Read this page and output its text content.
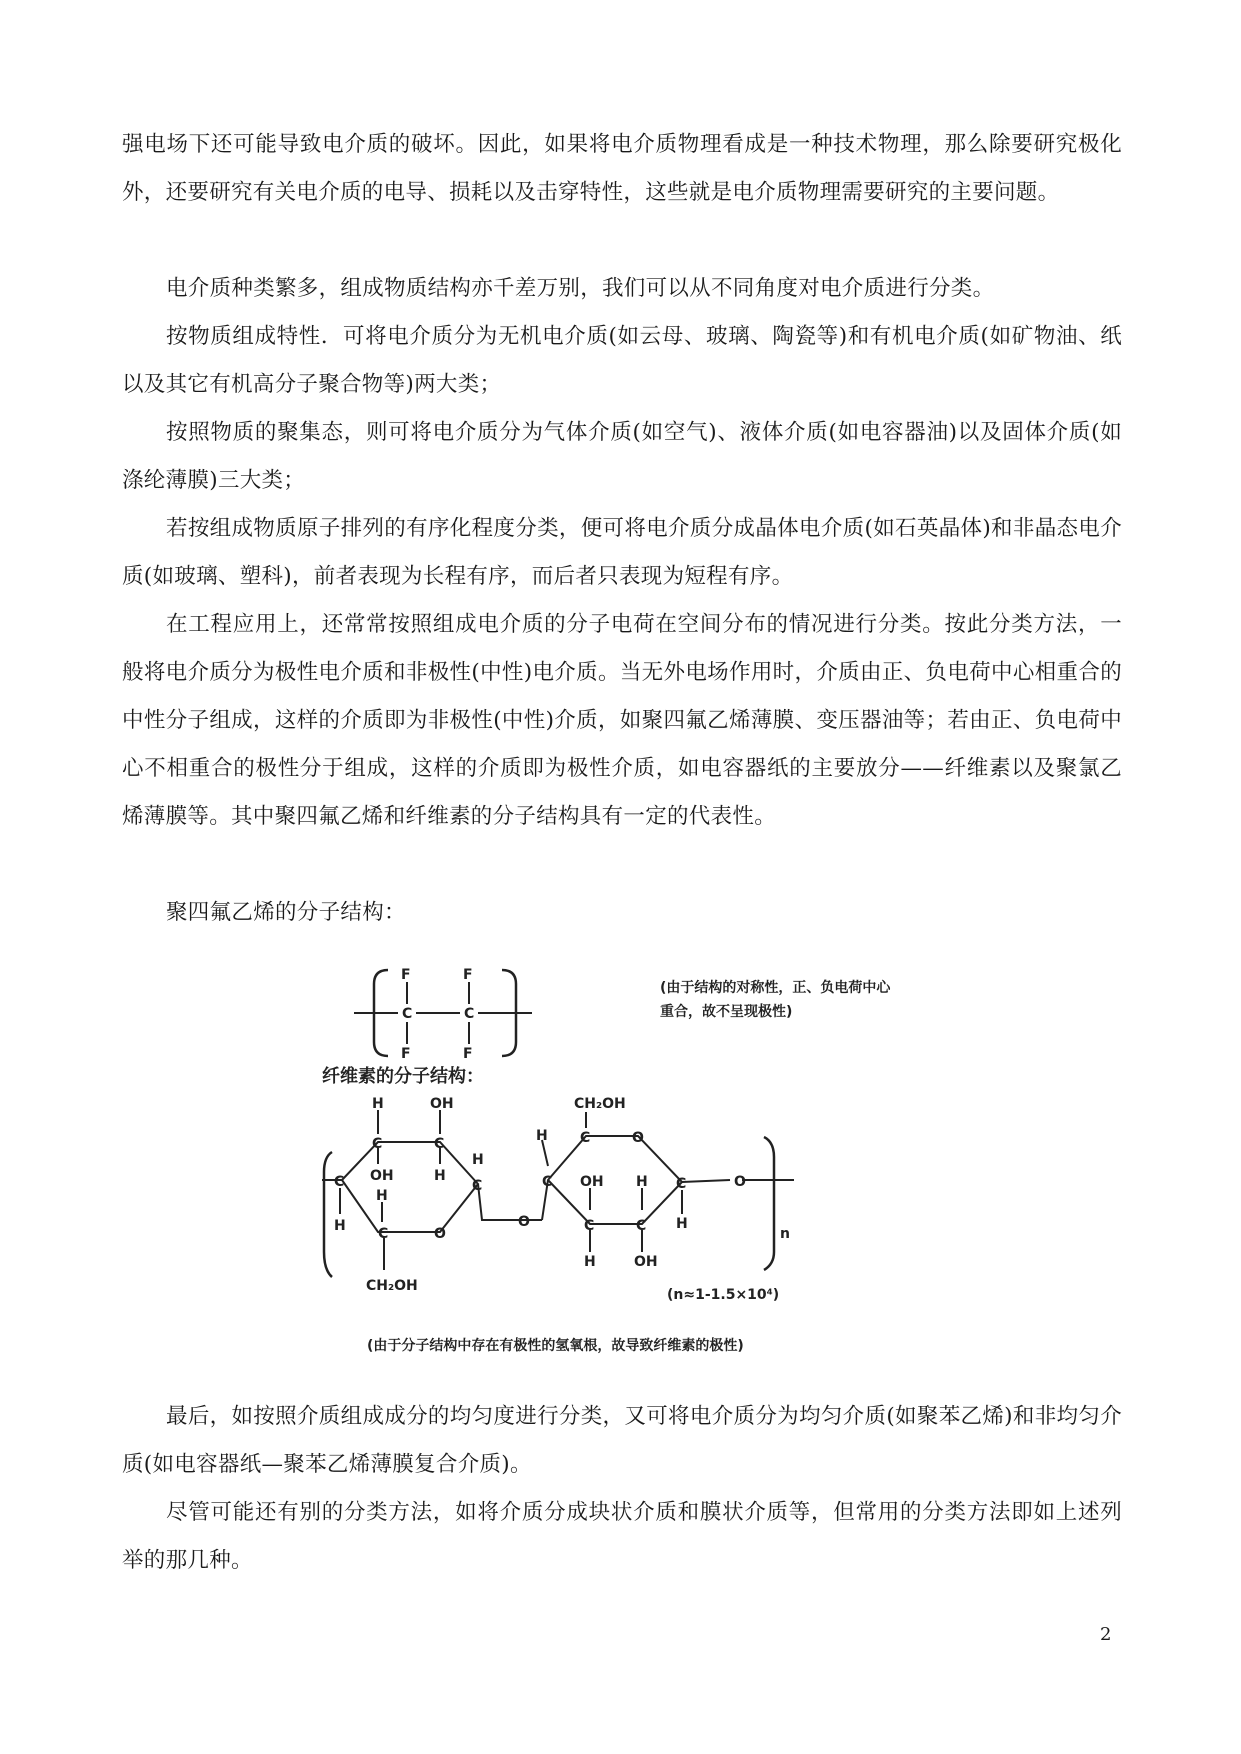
强电场下还可能导致电介质的破坏。因此，如果将电介质物理看成是一种技术物理，那么除要研究极化外，还要研究有关电介质的电导、损耗以及击穿特性，这些就是电介质物理需要研究的主要问题。

电介质种类繁多，组成物质结构亦千差万别，我们可以从不同角度对电介质进行分类。

按物质组成特性．可将电介质分为无机电介质(如云母、玻璃、陶瓷等)和有机电介质(如矿物油、纸以及其它有机高分子聚合物等)两大类；

按照物质的聚集态，则可将电介质分为气体介质(如空气)、液体介质(如电容器油)以及固体介质(如涤纶薄膜)三大类；

若按组成物质原子排列的有序化程度分类，便可将电介质分成晶体电介质(如石英晶体)和非晶态电介质(如玻璃、塑科)，前者表现为长程有序，而后者只表现为短程有序。

在工程应用上，还常常按照组成电介质的分子电荷在空间分布的情况进行分类。按此分类方法，一般将电介质分为极性电介质和非极性(中性)电介质。当无外电场作用时，介质由正、负电荷中心相重合的中性分子组成，这样的介质即为非极性(中性)介质，如聚四氟乙烯薄膜、变压器油等；若由正、负电荷中心不相重合的极性分于组成，这样的介质即为极性介质，如电容器纸的主要放分——纤维素以及聚氯乙烯薄膜等。其中聚四氟乙烯和纤维素的分子结构具有一定的代表性。

聚四氟乙烯的分子结构：

F	F
C	C
F	F
H	OH
C	C
OH	H
H
C
C
H
H
C	O
CH₂OH
O
CH₂OH
H C	O
C OH H C
H
C	C
H	OH
O
n

(由于结构的对称性，正、负电荷中心重合，故不呈现极性)

纤维素的分子结构：

(n≈1-1.5×10⁴)

(由于分子结构中存在有极性的氢氧根，故导致纤维素的极性)

最后，如按照介质组成成分的均匀度进行分类，又可将电介质分为均匀介质(如聚苯乙烯)和非均匀介质(如电容器纸—聚苯乙烯薄膜复合介质)。

尽管可能还有别的分类方法，如将介质分成块状介质和膜状介质等，但常用的分类方法即如上述列举的那几种。

2
